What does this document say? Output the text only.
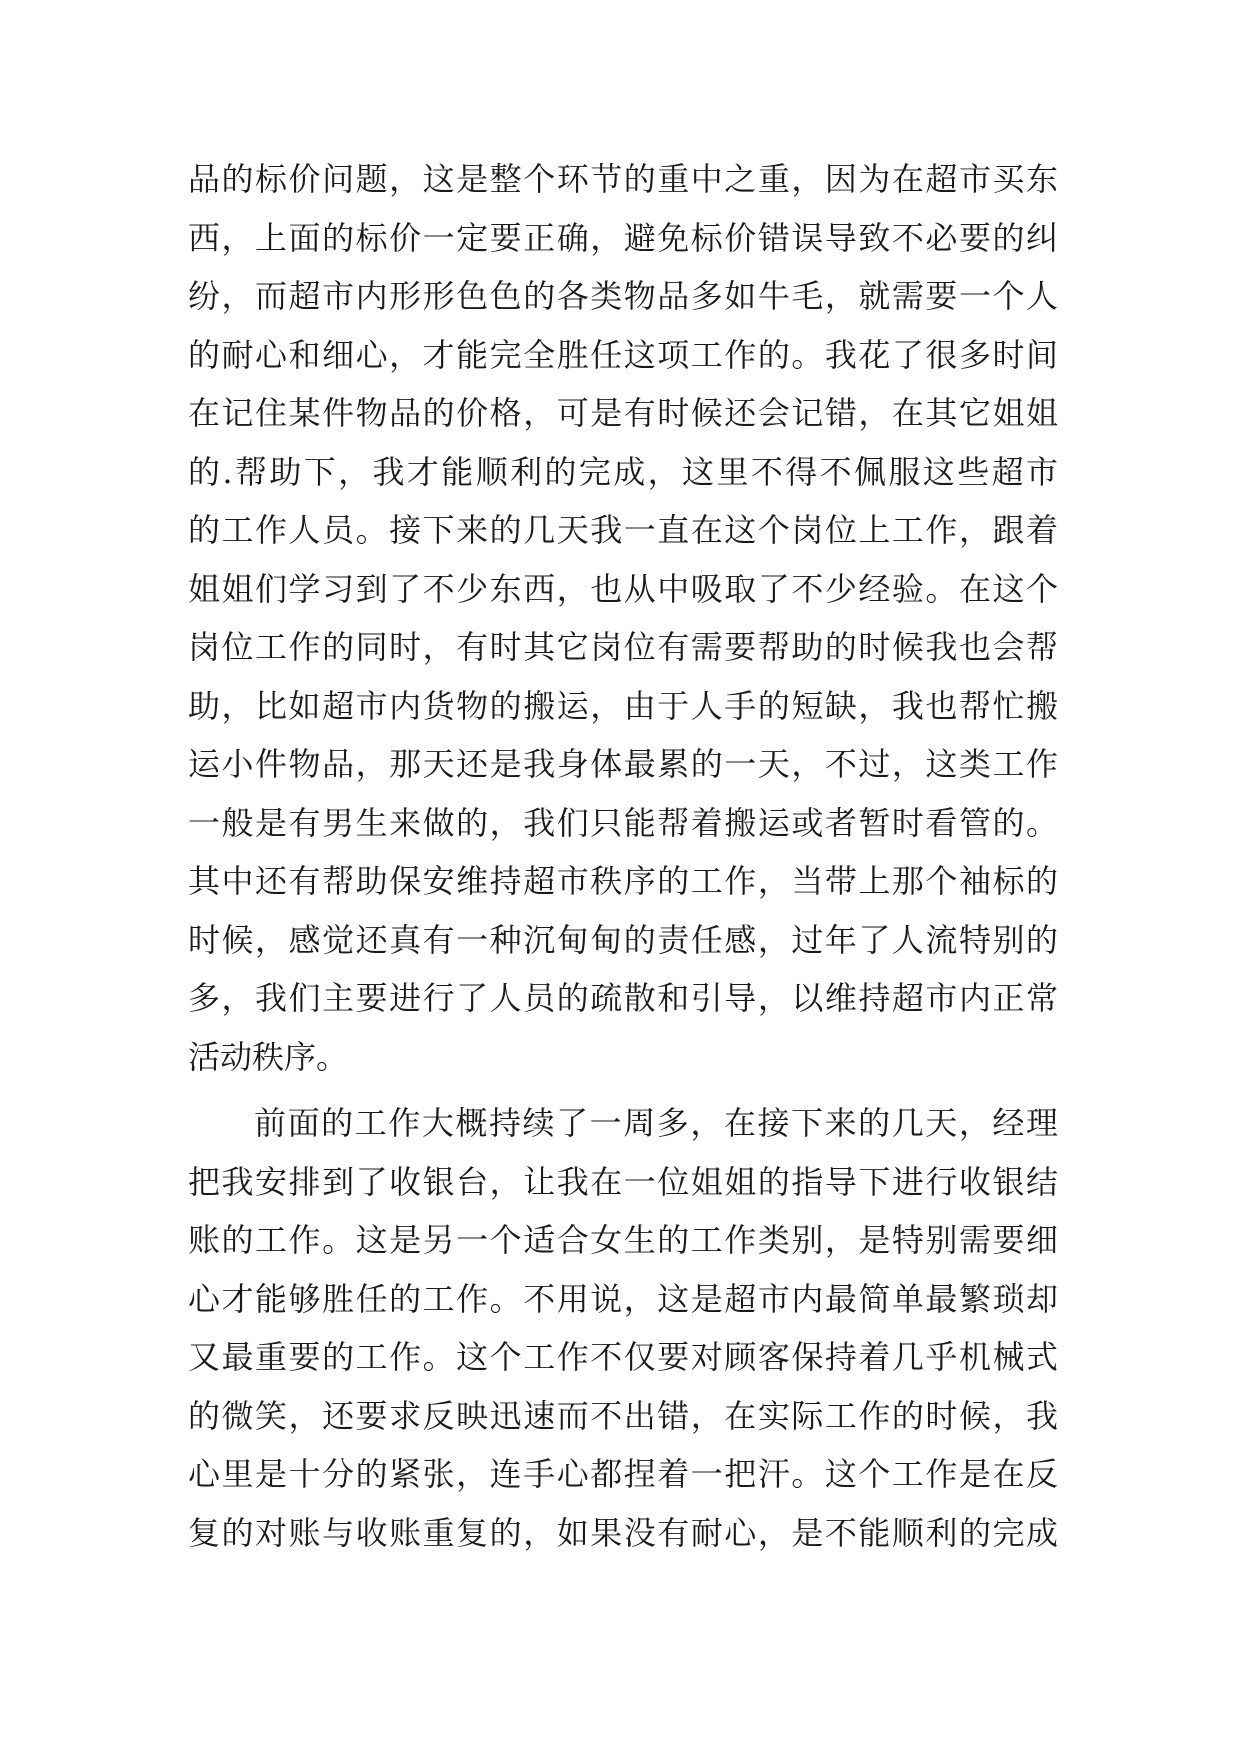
品的标价问题，这是整个环节的重中之重，因为在超市买东
西，上面的标价一定要正确，避免标价错误导致不必要的纠
纷，而超市内形形色色的各类物品多如牛毛，就需要一个人
的耐心和细心，才能完全胜任这项工作的。我花了很多时间
在记住某件物品的价格，可是有时候还会记错，在其它姐姐
的.帮助下，我才能顺利的完成，这里不得不佩服这些超市
的工作人员。接下来的几天我一直在这个岗位上工作，跟着
姐姐们学习到了不少东西，也从中吸取了不少经验。在这个
岗位工作的同时，有时其它岗位有需要帮助的时候我也会帮
助，比如超市内货物的搬运，由于人手的短缺，我也帮忙搬
运小件物品，那天还是我身体最累的一天，不过，这类工作
一般是有男生来做的，我们只能帮着搬运或者暂时看管的。
其中还有帮助保安维持超市秩序的工作，当带上那个袖标的
时候，感觉还真有一种沉甸甸的责任感，过年了人流特别的
多，我们主要进行了人员的疏散和引导，以维持超市内正常
活动秩序。
前面的工作大概持续了一周多，在接下来的几天，经理
把我安排到了收银台，让我在一位姐姐的指导下进行收银结
账的工作。这是另一个适合女生的工作类别，是特别需要细
心才能够胜任的工作。不用说，这是超市内最简单最繁琐却
又最重要的工作。这个工作不仅要对顾客保持着几乎机械式
的微笑，还要求反映迅速而不出错，在实际工作的时候，我
心里是十分的紧张，连手心都捏着一把汗。这个工作是在反
复的对账与收账重复的，如果没有耐心，是不能顺利的完成
